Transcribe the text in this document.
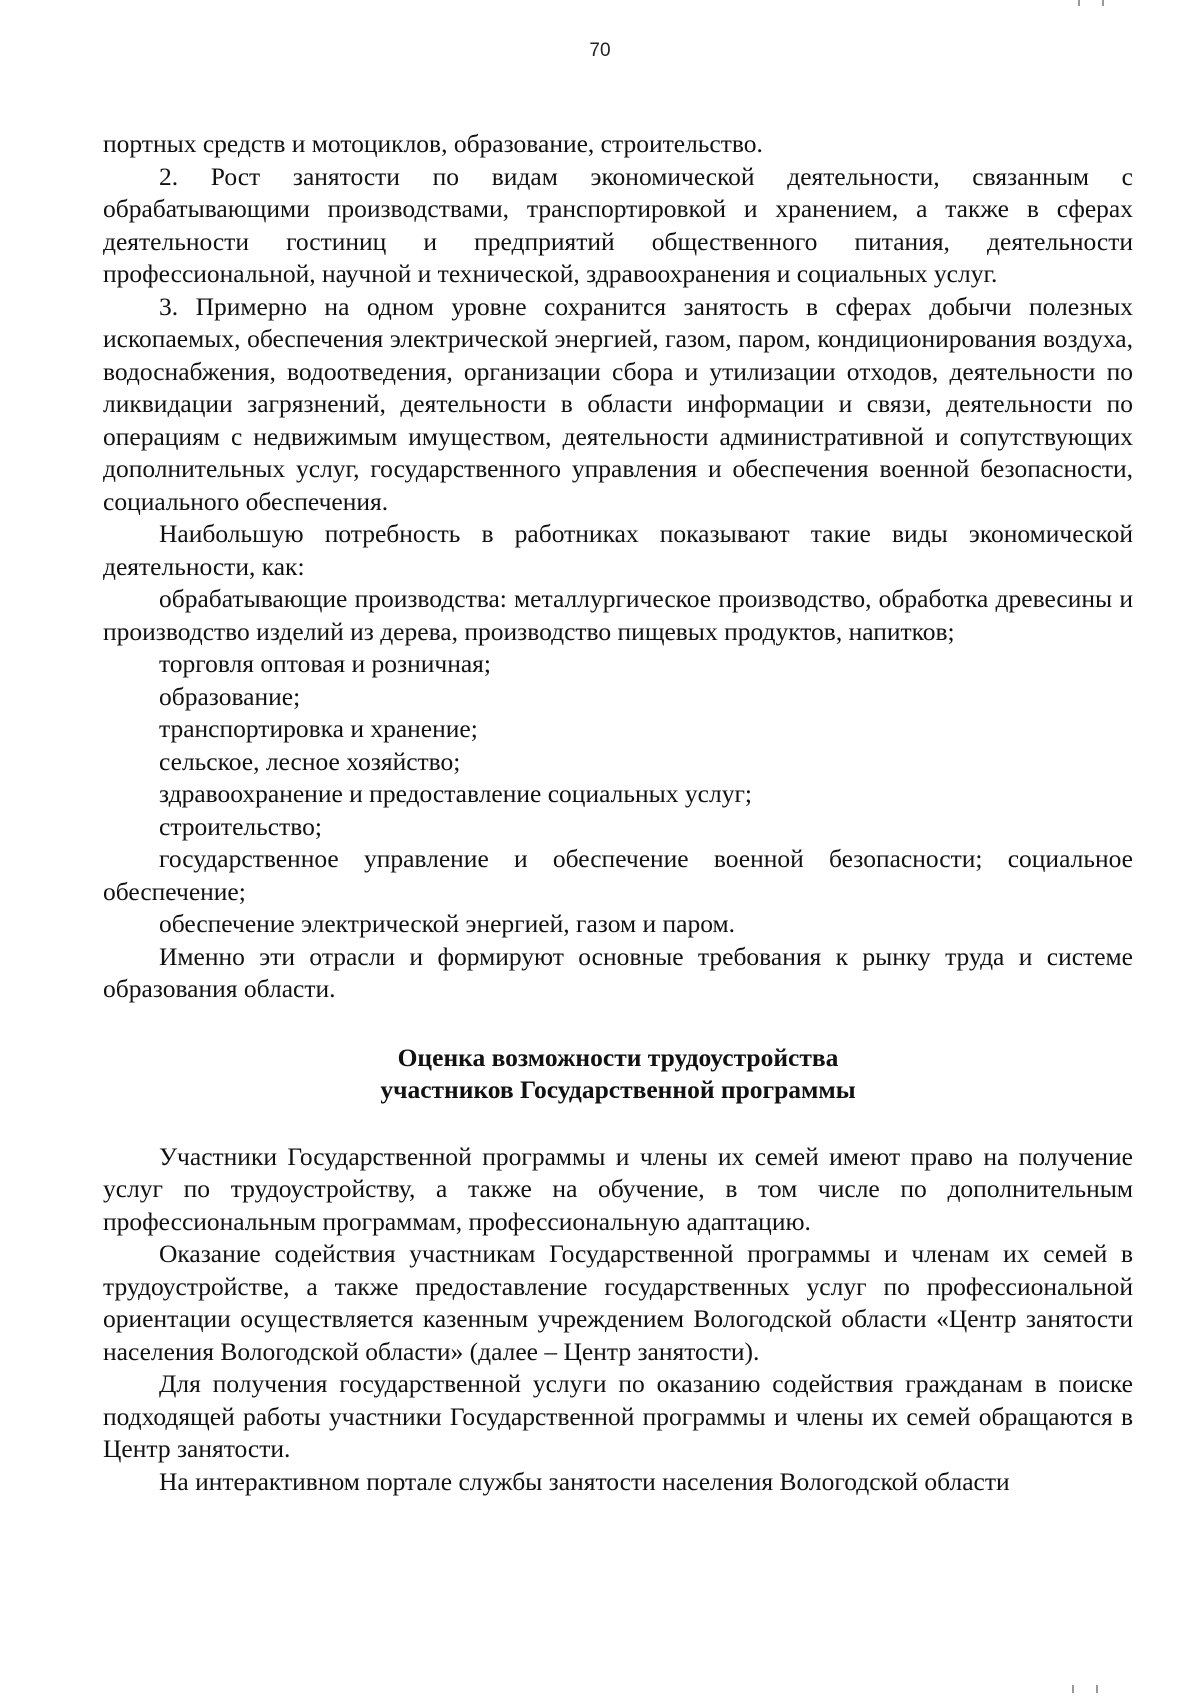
70

портных средств и мотоциклов, образование, строительство.

2. Рост занятости по видам экономической деятельности, связанным с обрабатывающими производствами, транспортировкой и хранением, а также в сферах деятельности гостиниц и предприятий общественного питания, деятельности профессиональной, научной и технической, здравоохранения и социальных услуг.

3. Примерно на одном уровне сохранится занятость в сферах добычи полезных ископаемых, обеспечения электрической энергией, газом, паром, кондиционирования воздуха, водоснабжения, водоотведения, организации сбора и утилизации отходов, деятельности по ликвидации загрязнений, деятельности в области информации и связи, деятельности по операциям с недвижимым имуществом, деятельности административной и сопутствующих дополнительных услуг, государственного управления и обеспечения военной безопасности, социального обеспечения.

Наибольшую потребность в работниках показывают такие виды экономической деятельности, как:

обрабатывающие производства: металлургическое производство, обработка древесины и производство изделий из дерева, производство пищевых продуктов, напитков;

торговля оптовая и розничная;

образование;

транспортировка и хранение;

сельское, лесное хозяйство;

здравоохранение и предоставление социальных услуг;

строительство;

государственное управление и обеспечение военной безопасности; социальное обеспечение;

обеспечение электрической энергией, газом и паром.

Именно эти отрасли и формируют основные требования к рынку труда и системе образования области.

Оценка возможности трудоустройства
участников Государственной программы

Участники Государственной программы и члены их семей имеют право на получение услуг по трудоустройству, а также на обучение, в том числе по дополнительным профессиональным программам, профессиональную адаптацию.

Оказание содействия участникам Государственной программы и членам их семей в трудоустройстве, а также предоставление государственных услуг по профессиональной ориентации осуществляется казенным учреждением Вологодской области «Центр занятости населения Вологодской области» (далее – Центр занятости).

Для получения государственной услуги по оказанию содействия гражданам в поиске подходящей работы участники Государственной программы и члены их семей обращаются в Центр занятости.

На интерактивном портале службы занятости населения Вологодской области
